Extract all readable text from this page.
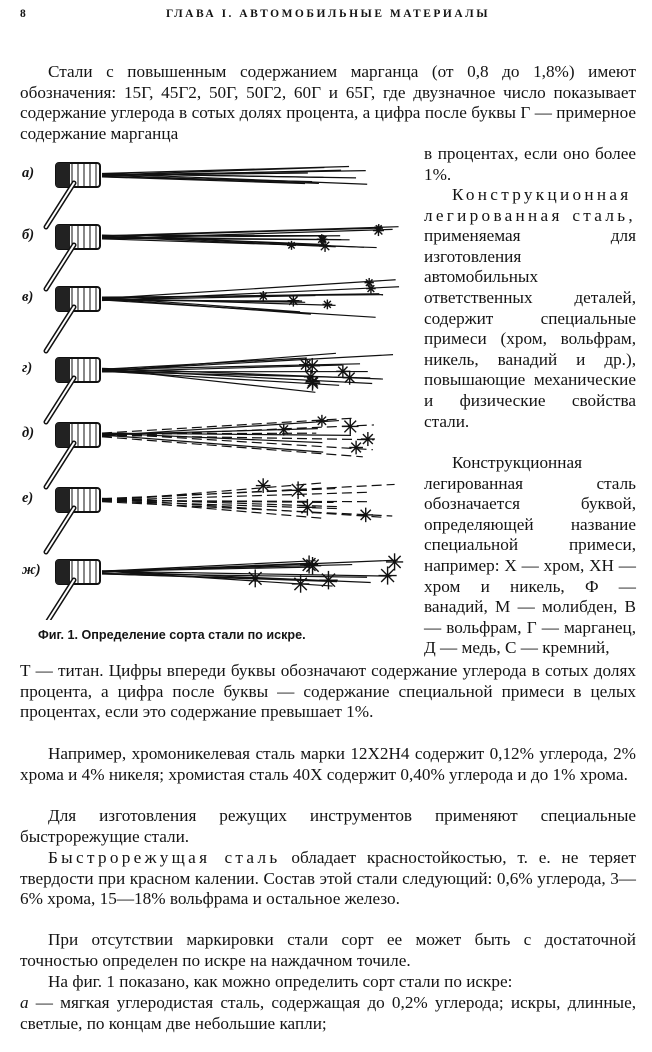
8	ГЛАВА I. АВТОМОБИЛЬНЫЕ МАТЕРИАЛЫ

Стали с повышенным содержанием марганца (от 0,8 до 1,8%) имеют обозначения: 15Г, 45Г2, 50Г, 50Г2, 60Г и 65Г, где двузначное число показывает содержание углерода в сотых долях процента, а цифра после буквы Г — примерное содержание марганца

в процентах, если оно более 1%.

Конструкционная легированная сталь, применяемая для изготовления автомобильных ответственных деталей, содержит специальные примеси (хром, вольфрам, никель, ванадий и др.), повышающие механические и физические свойства стали.

Конструкционная легированная сталь обозначается буквой, определяющей название специальной примеси, например: Х — хром, ХН — хром и никель, Ф — ванадий, М — молибден, В — вольфрам, Г — марганец, Д — медь, С — кремний,

а)
б)
в)
г)
д)
е)
ж)
Фиг. 1. Определение сорта стали по искре.

Т — титан. Цифры впереди буквы обозначают содержание углерода в сотых долях процента, а цифра после буквы — содержание специальной примеси в целых процентах, если это содержание превышает 1%.

Например, хромоникелевая сталь марки 12Х2Н4 содержит 0,12% углерода, 2% хрома и 4% никеля; хромистая сталь 40Х содержит 0,40% углерода и до 1% хрома.

Для изготовления режущих инструментов применяют специальные быстрорежущие стали.

Быстрорежущая сталь обладает красностойкостью, т. е. не теряет твердости при красном калении. Состав этой стали следующий: 0,6% углерода, 3—6% хрома, 15—18% вольфрама и остальное железо.

При отсутствии маркировки стали сорт ее может быть с достаточной точностью определен по искре на наждачном точиле.

На фиг. 1 показано, как можно определить сорт стали по искре:

а — мягкая углеродистая сталь, содержащая до 0,2% углерода; искры, длинные, светлые, по концам две небольшие капли;
